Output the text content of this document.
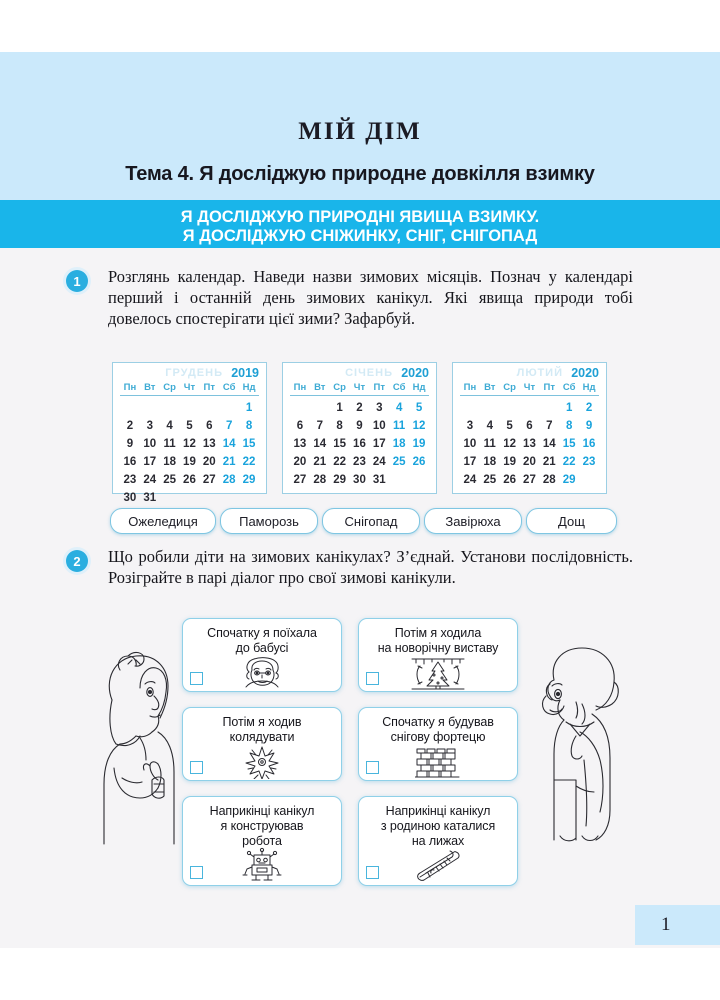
МІЙ ДІМ
Тема 4. Я досліджую природне довкілля взимку
Я ДОСЛІДЖУЮ ПРИРОДНІ ЯВИЩА ВЗИМКУ.
Я ДОСЛІДЖУЮ СНІЖИНКУ, СНІГ, СНІГОПАД
1	Розглянь календар. Наведи назви зимових місяців. Познач у календарі перший і останній день зимових канікул. Які явища природи тобі довелось спостерігати цієї зими? Зафарбуй.

ГРУДЕНЬ 2019
Пн	Вт	Ср	Чт	Пт	Сб	Нд
						1
2	3	4	5	6	7	8
9	10	11	12	13	14	15
16	17	18	19	20	21	22
23	24	25	26	27	28	29
30	31					
СІЧЕНЬ 2020
Пн	Вт	Ср	Чт	Пт	Сб	Нд
		1	2	3	4	5
6	7	8	9	10	11	12
13	14	15	16	17	18	19
20	21	22	23	24	25	26
27	28	29	30	31		
ЛЮТИЙ 2020
Пн	Вт	Ср	Чт	Пт	Сб	Нд
					1	2
3	4	5	6	7	8	9
10	11	12	13	14	15	16
17	18	19	20	21	22	23
24	25	26	27	28	29	
Ожеледиця	Паморозь	Снігопад	Завірюха	Дощ
2	Що робили діти на зимових канікулах? З’єднай. Установи послідовність. Розіграйте в парі діалог про свої зимові канікули.

1
Спочатку я поїхала
до бабусі
Потім я ходила
на новорічну виставу
Потім я ходив
колядувати
Спочатку я будував
снігову фортецю
Наприкінці канікул
я конструював
робота
Наприкінці канікул
з родиною каталися
на лижах
